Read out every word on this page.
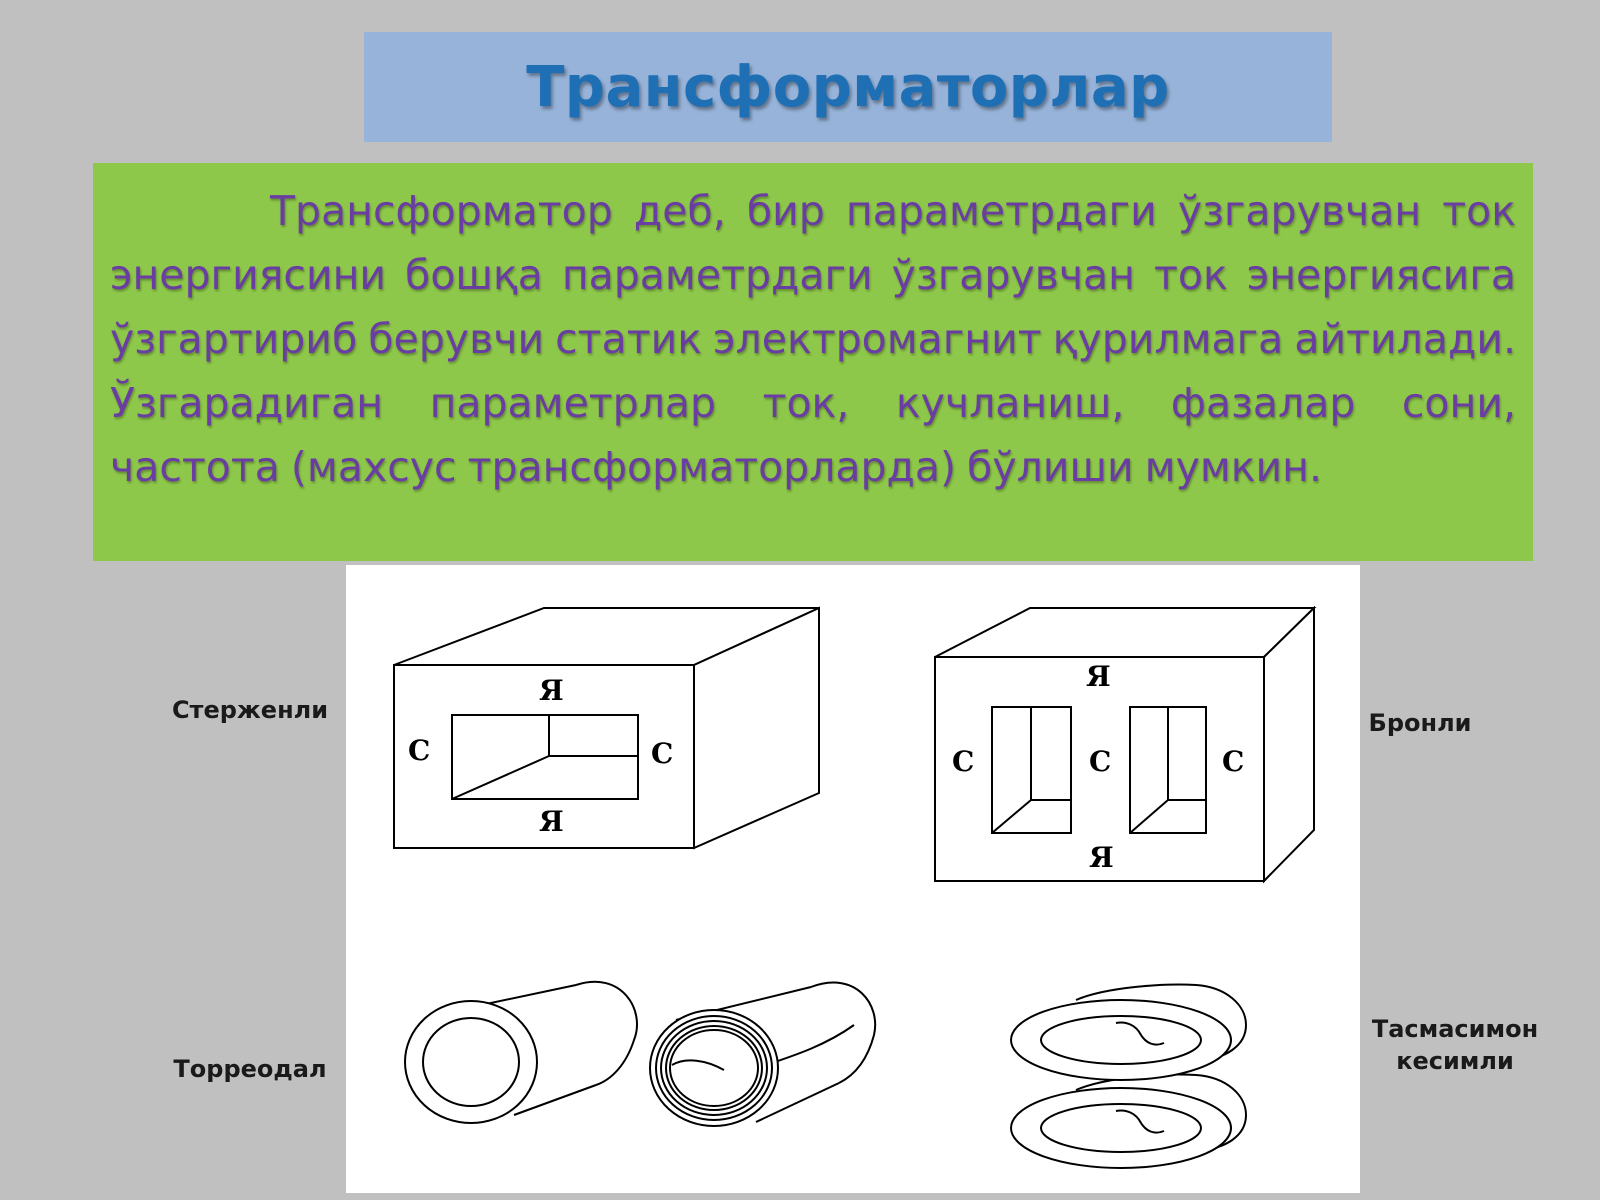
Трансформаторлар

Трансформатор деб, бир параметрдаги ўзгарувчан ток энергиясини бошқа параметрдаги ўзгарувчан ток энергиясига ўзгартириб берувчи статик электромагнит қурилмага айтилади. Ўзгарадиган параметрлар ток, кучланиш, фазалар сони, частота (махсус трансформаторларда) бўлиши мумкин.

Стерженли	Бронли
Торреодал
Тасмасимон
кесимли
Я
Я
С	С
Я
Я
С	С	С
